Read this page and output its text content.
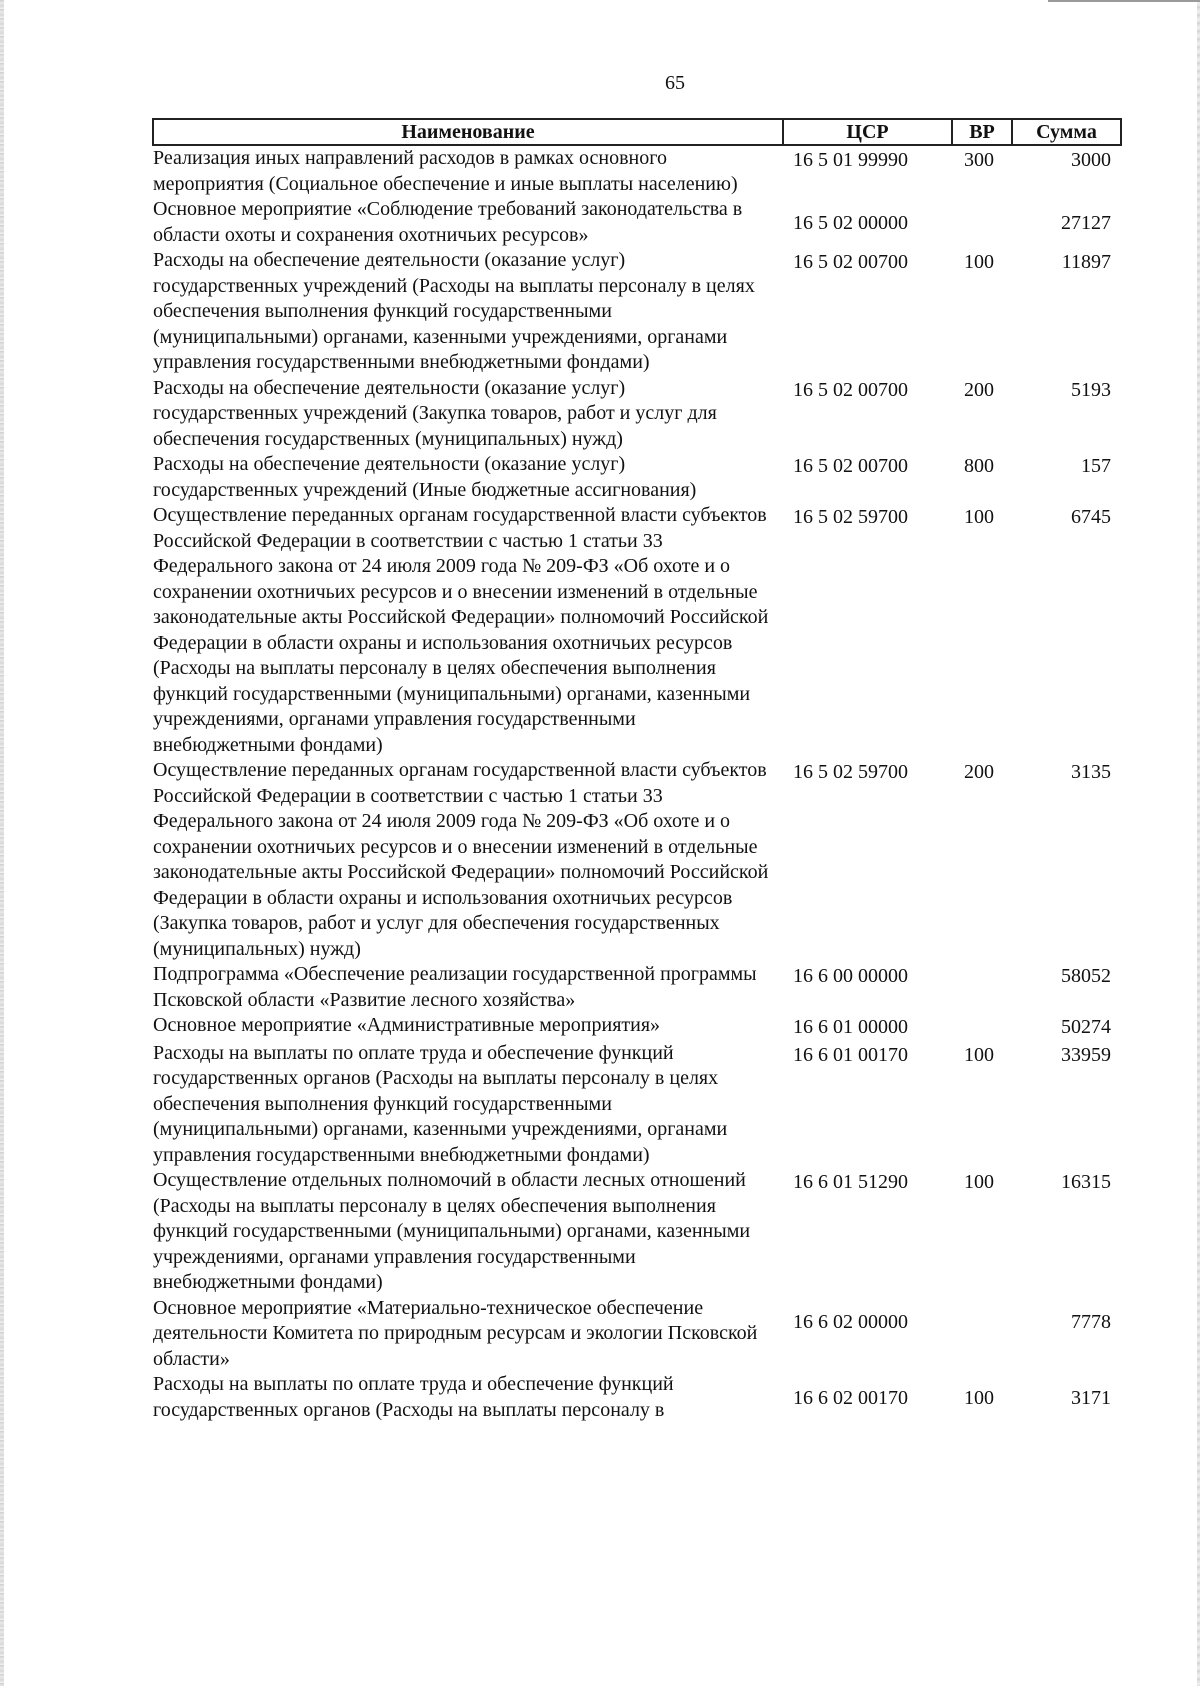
65
Наименование	ЦСР	ВР	Сумма
Реализация иных направлений расходов в рамках основного мероприятия (Социальное обеспечение и иные выплаты населению)	16 5 01 99990	300	3000
Основное мероприятие «Соблюдение требований законодательства в области охоты и сохранения охотничьих ресурсов»	16 5 02 00000		27127
Расходы на обеспечение деятельности (оказание услуг) государственных учреждений (Расходы на выплаты персоналу в целях обеспечения выполнения функций государственными (муниципальными) органами, казенными учреждениями, органами управления государственными внебюджетными фондами)	16 5 02 00700	100	11897
Расходы на обеспечение деятельности (оказание услуг) государственных учреждений (Закупка товаров, работ и услуг для обеспечения государственных (муниципальных) нужд)	16 5 02 00700	200	5193
Расходы на обеспечение деятельности (оказание услуг) государственных учреждений (Иные бюджетные ассигнования)	16 5 02 00700	800	157
Осуществление переданных органам государственной власти субъектов Российской Федерации в соответствии с частью 1 статьи 33 Федерального закона от 24 июля 2009 года № 209-ФЗ «Об охоте и о сохранении охотничьих ресурсов и о внесении изменений в отдельные законодательные акты Российской Федерации» полномочий Российской Федерации в области охраны и использования охотничьих ресурсов (Расходы на выплаты персоналу в целях обеспечения выполнения функций государственными (муниципальными) органами, казенными учреждениями, органами управления государственными внебюджетными фондами)	16 5 02 59700	100	6745
Осуществление переданных органам государственной власти субъектов Российской Федерации в соответствии с частью 1 статьи 33 Федерального закона от 24 июля 2009 года № 209-ФЗ «Об охоте и о сохранении охотничьих ресурсов и о внесении изменений в отдельные законодательные акты Российской Федерации» полномочий Российской Федерации в области охраны и использования охотничьих ресурсов (Закупка товаров, работ и услуг для обеспечения государственных (муниципальных) нужд)	16 5 02 59700	200	3135
Подпрограмма «Обеспечение реализации государственной программы Псковской области «Развитие лесного хозяйства»	16 6 00 00000		58052
Основное мероприятие «Административные мероприятия»	16 6 01 00000		50274
Расходы на выплаты по оплате труда и обеспечение функций государственных органов (Расходы на выплаты персоналу в целях обеспечения выполнения функций государственными (муниципальными) органами, казенными учреждениями, органами управления государственными внебюджетными фондами)	16 6 01 00170	100	33959
Осуществление отдельных полномочий в области лесных отношений (Расходы на выплаты персоналу в целях обеспечения выполнения функций государственными (муниципальными) органами, казенными учреждениями, органами управления государственными внебюджетными фондами)	16 6 01 51290	100	16315
Основное мероприятие «Материально-техническое обеспечение деятельности Комитета по природным ресурсам и экологии Псковской области»	16 6 02 00000		7778
Расходы на выплаты по оплате труда и обеспечение функций государственных органов (Расходы на выплаты персоналу в	16 6 02 00170	100	3171
